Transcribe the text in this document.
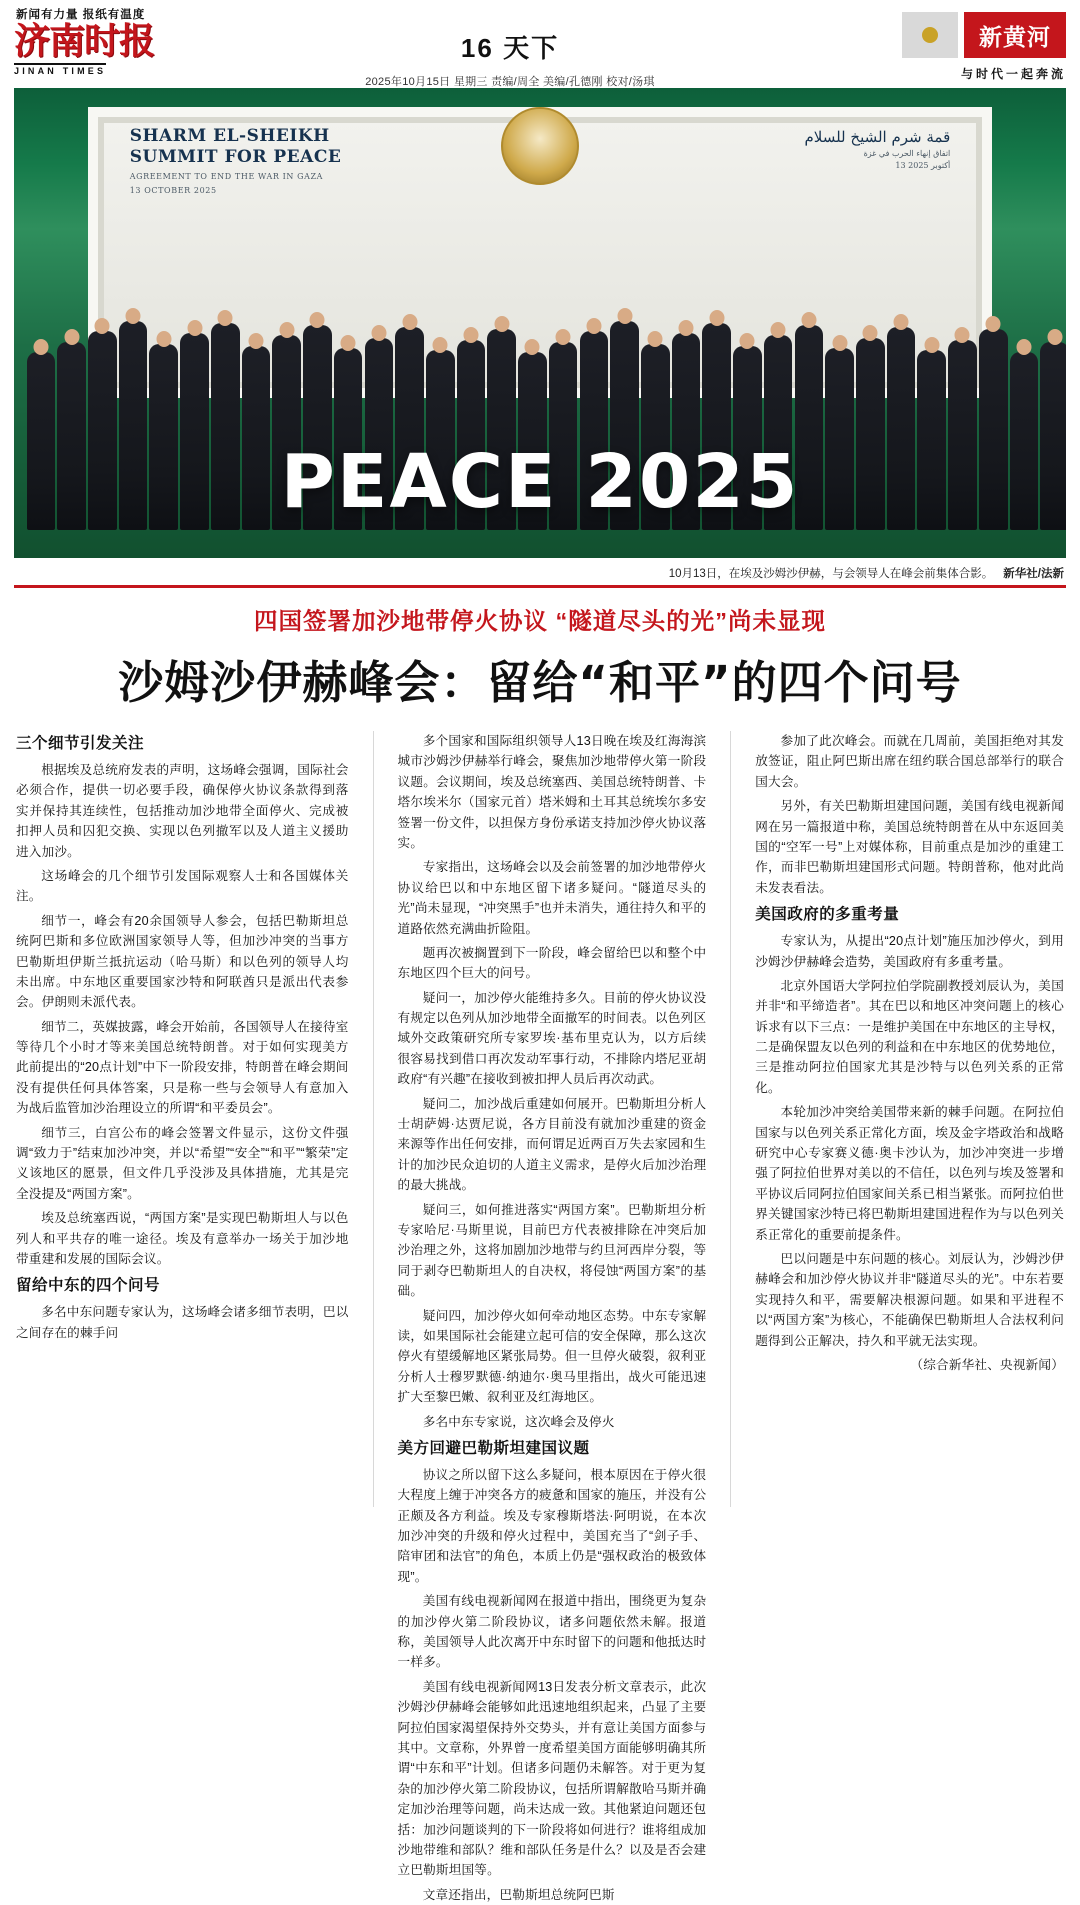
新闻有力量 报纸有温度
济南时报
JINAN TIMES
16 天下
2025年10月15日 星期三 责编/周全 美编/孔德刚 校对/汤琪
新黄河
与时代一起奔流
SHARM EL-SHEIKH
SUMMIT FOR PEACE
AGREEMENT TO END THE WAR IN GAZA
13 OCTOBER 2025
قمة شرم الشيخ للسلام
اتفاق إنهاء الحرب في غزة
13 أكتوبر 2025
PEACE 2025
10月13日，在埃及沙姆沙伊赫，与会领导人在峰会前集体合影。 新华社/法新
四国签署加沙地带停火协议 “隧道尽头的光”尚未显现
沙姆沙伊赫峰会：留给“和平”的四个问号
三个细节引发关注

根据埃及总统府发表的声明，这场峰会强调，国际社会必须合作，提供一切必要手段，确保停火协议条款得到落实并保持其连续性，包括推动加沙地带全面停火、完成被扣押人员和囚犯交换、实现以色列撤军以及人道主义援助进入加沙。

这场峰会的几个细节引发国际观察人士和各国媒体关注。

细节一，峰会有20余国领导人参会，包括巴勒斯坦总统阿巴斯和多位欧洲国家领导人等，但加沙冲突的当事方巴勒斯坦伊斯兰抵抗运动（哈马斯）和以色列的领导人均未出席。中东地区重要国家沙特和阿联酋只是派出代表参会。伊朗则未派代表。

细节二，英媒披露，峰会开始前，各国领导人在接待室等待几个小时才等来美国总统特朗普。对于如何实现美方此前提出的“20点计划”中下一阶段安排，特朗普在峰会期间没有提供任何具体答案，只是称一些与会领导人有意加入为战后监管加沙治理设立的所谓“和平委员会”。

细节三，白宫公布的峰会签署文件显示，这份文件强调“致力于”结束加沙冲突，并以“希望”“安全”“和平”“繁荣”定义该地区的愿景，但文件几乎没涉及具体措施，尤其是完全没提及“两国方案”。

埃及总统塞西说，“两国方案”是实现巴勒斯坦人与以色列人和平共存的唯一途径。埃及有意举办一场关于加沙地带重建和发展的国际会议。

留给中东的四个问号

多名中东问题专家认为，这场峰会诸多细节表明，巴以之间存在的棘手问

多个国家和国际组织领导人13日晚在埃及红海海滨城市沙姆沙伊赫举行峰会，聚焦加沙地带停火第一阶段议题。会议期间，埃及总统塞西、美国总统特朗普、卡塔尔埃米尔（国家元首）塔米姆和土耳其总统埃尔多安签署一份文件，以担保方身份承诺支持加沙停火协议落实。

专家指出，这场峰会以及会前签署的加沙地带停火协议给巴以和中东地区留下诸多疑问。“隧道尽头的光”尚未显现，“冲突黑手”也并未消失，通往持久和平的道路依然充满曲折险阻。

题再次被搁置到下一阶段，峰会留给巴以和整个中东地区四个巨大的问号。

疑问一，加沙停火能维持多久。目前的停火协议没有规定以色列从加沙地带全面撤军的时间表。以色列区域外交政策研究所专家罗埃·基布里克认为，以方后续很容易找到借口再次发动军事行动，不排除内塔尼亚胡政府“有兴趣”在接收到被扣押人员后再次动武。

疑问二，加沙战后重建如何展开。巴勒斯坦分析人士胡萨姆·达贾尼说，各方目前没有就加沙重建的资金来源等作出任何安排，而何谓足近两百万失去家园和生计的加沙民众迫切的人道主义需求，是停火后加沙治理的最大挑战。

疑问三，如何推进落实“两国方案”。巴勒斯坦分析专家哈尼·马斯里说，目前巴方代表被排除在冲突后加沙治理之外，这将加剧加沙地带与约旦河西岸分裂，等同于剥夺巴勒斯坦人的自决权，将侵蚀“两国方案”的基础。

疑问四，加沙停火如何牵动地区态势。中东专家解读，如果国际社会能建立起可信的安全保障，那么这次停火有望缓解地区紧张局势。但一旦停火破裂，叙利亚分析人士穆罗默德·纳迪尔·奥马里指出，战火可能迅速扩大至黎巴嫩、叙利亚及红海地区。

多名中东专家说，这次峰会及停火

美方回避巴勒斯坦建国议题

协议之所以留下这么多疑问，根本原因在于停火很大程度上缠于冲突各方的疲惫和国家的施压，并没有公正颇及各方利益。埃及专家穆斯塔法·阿明说，在本次加沙冲突的升级和停火过程中，美国充当了“剑子手、陪审团和法官”的角色，本质上仍是“强权政治的极致体现”。

美国有线电视新闻网在报道中指出，围绕更为复杂的加沙停火第二阶段协议，诸多问题依然未解。报道称，美国领导人此次离开中东时留下的问题和他抵达时一样多。

美国有线电视新闻网13日发表分析文章表示，此次沙姆沙伊赫峰会能够如此迅速地组织起来，凸显了主要阿拉伯国家渴望保持外交势头，并有意让美国方面参与其中。文章称，外界曾一度希望美国方面能够明确其所谓“中东和平”计划。但诸多问题仍未解答。对于更为复杂的加沙停火第二阶段协议，包括所谓解散哈马斯并确定加沙治理等问题，尚未达成一致。其他紧迫问题还包括：加沙问题谈判的下一阶段将如何进行？谁将组成加沙地带维和部队？维和部队任务是什么？以及是否会建立巴勒斯坦国等。

文章还指出，巴勒斯坦总统阿巴斯

参加了此次峰会。而就在几周前，美国拒绝对其发放签证，阻止阿巴斯出席在纽约联合国总部举行的联合国大会。

另外，有关巴勒斯坦建国问题，美国有线电视新闻网在另一篇报道中称，美国总统特朗普在从中东返回美国的“空军一号”上对媒体称，目前重点是加沙的重建工作，而非巴勒斯坦建国形式问题。特朗普称，他对此尚未发表看法。

美国政府的多重考量

专家认为，从提出“20点计划”施压加沙停火，到用沙姆沙伊赫峰会造势，美国政府有多重考量。

北京外国语大学阿拉伯学院副教授刘辰认为，美国并非“和平缔造者”。其在巴以和地区冲突问题上的核心诉求有以下三点：一是维护美国在中东地区的主导权，二是确保盟友以色列的利益和在中东地区的优势地位，三是推动阿拉伯国家尤其是沙特与以色列关系的正常化。

本轮加沙冲突给美国带来新的棘手问题。在阿拉伯国家与以色列关系正常化方面，埃及金字塔政治和战略研究中心专家赛义德·奥卡沙认为，加沙冲突进一步增强了阿拉伯世界对美以的不信任，以色列与埃及签署和平协议后同阿拉伯国家间关系已相当紧张。而阿拉伯世界关键国家沙特已将巴勒斯坦建国进程作为与以色列关系正常化的重要前提条件。

巴以问题是中东问题的核心。刘辰认为，沙姆沙伊赫峰会和加沙停火协议并非“隧道尽头的光”。中东若要实现持久和平，需要解决根源问题。如果和平进程不以“两国方案”为核心，不能确保巴勒斯坦人合法权利问题得到公正解决，持久和平就无法实现。

（综合新华社、央视新闻）
